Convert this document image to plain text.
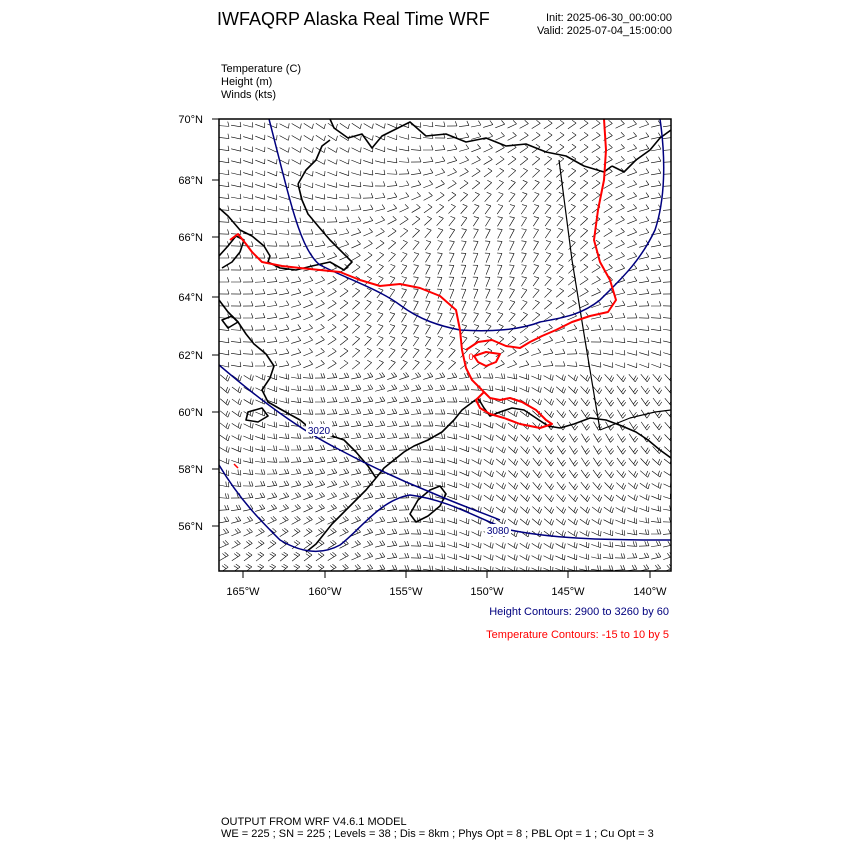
IWFAQRP Alaska Real Time WRF	Init: 2025-06-30_00:00:00
Valid: 2025-07-04_15:00:00
Temperature (C)
Height (m)
Winds (kts)
70°N
68°N
66°N
64°N
62°N
60°N
58°N
56°N
165°W	160°W	155°W	150°W	145°W	140°W
3020
3080
0
Height Contours: 2900 to 3260 by 60
Temperature Contours: -15 to 10 by 5
OUTPUT FROM WRF V4.6.1 MODEL
WE = 225 ; SN = 225 ; Levels = 38 ; Dis = 8km ; Phys Opt = 8 ; PBL Opt = 1 ; Cu Opt = 3
